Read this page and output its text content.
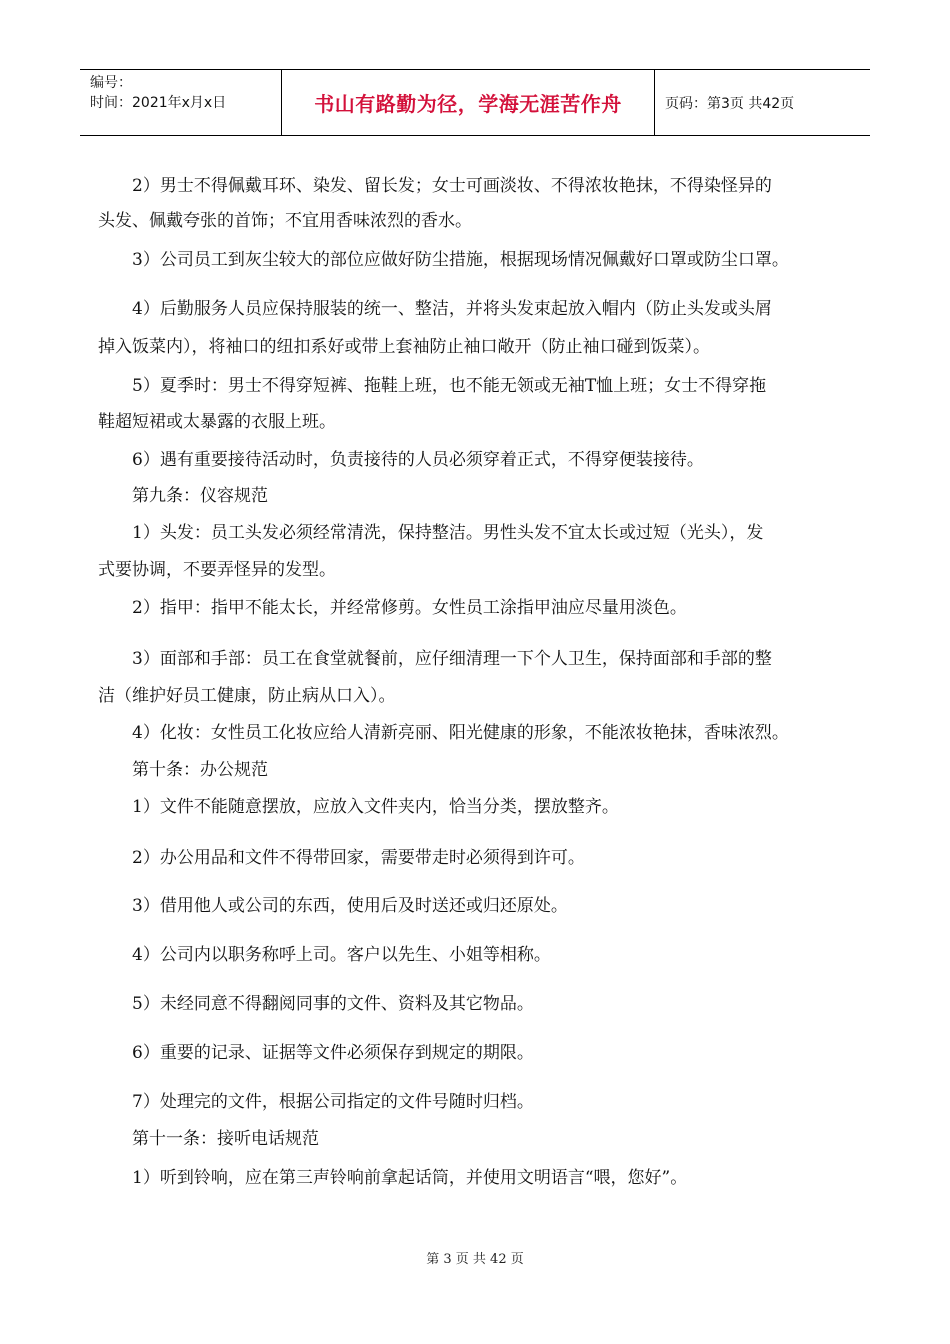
编号：
时间：2021年x月x日	书山有路勤为径，学海无涯苦作舟	页码：第3页 共42页
2）男士不得佩戴耳环、染发、留长发；女士可画淡妆、不得浓妆艳抹，不得染怪异的
头发、佩戴夸张的首饰；不宜用香味浓烈的香水。
3）公司员工到灰尘较大的部位应做好防尘措施，根据现场情况佩戴好口罩或防尘口罩。
4）后勤服务人员应保持服装的统一、整洁，并将头发束起放入帽内（防止头发或头屑
掉入饭菜内），将袖口的纽扣系好或带上套袖防止袖口敞开（防止袖口碰到饭菜）。
5）夏季时：男士不得穿短裤、拖鞋上班，也不能无领或无袖T恤上班；女士不得穿拖
鞋超短裙或太暴露的衣服上班。
6）遇有重要接待活动时，负责接待的人员必须穿着正式，不得穿便装接待。
第九条：仪容规范
1）头发：员工头发必须经常清洗，保持整洁。男性头发不宜太长或过短（光头），发
式要协调，不要弄怪异的发型。
2）指甲：指甲不能太长，并经常修剪。女性员工涂指甲油应尽量用淡色。
3）面部和手部：员工在食堂就餐前，应仔细清理一下个人卫生，保持面部和手部的整
洁（维护好员工健康，防止病从口入）。
4）化妆：女性员工化妆应给人清新亮丽、阳光健康的形象，不能浓妆艳抹，香味浓烈。
第十条：办公规范
1）文件不能随意摆放，应放入文件夹内，恰当分类，摆放整齐。
2）办公用品和文件不得带回家，需要带走时必须得到许可。
3）借用他人或公司的东西，使用后及时送还或归还原处。
4）公司内以职务称呼上司。客户以先生、小姐等相称。
5）未经同意不得翻阅同事的文件、资料及其它物品。
6）重要的记录、证据等文件必须保存到规定的期限。
7）处理完的文件，根据公司指定的文件号随时归档。
第十一条：接听电话规范
1）听到铃响，应在第三声铃响前拿起话筒，并使用文明语言“喂，您好”。
第 3 页 共 42 页
